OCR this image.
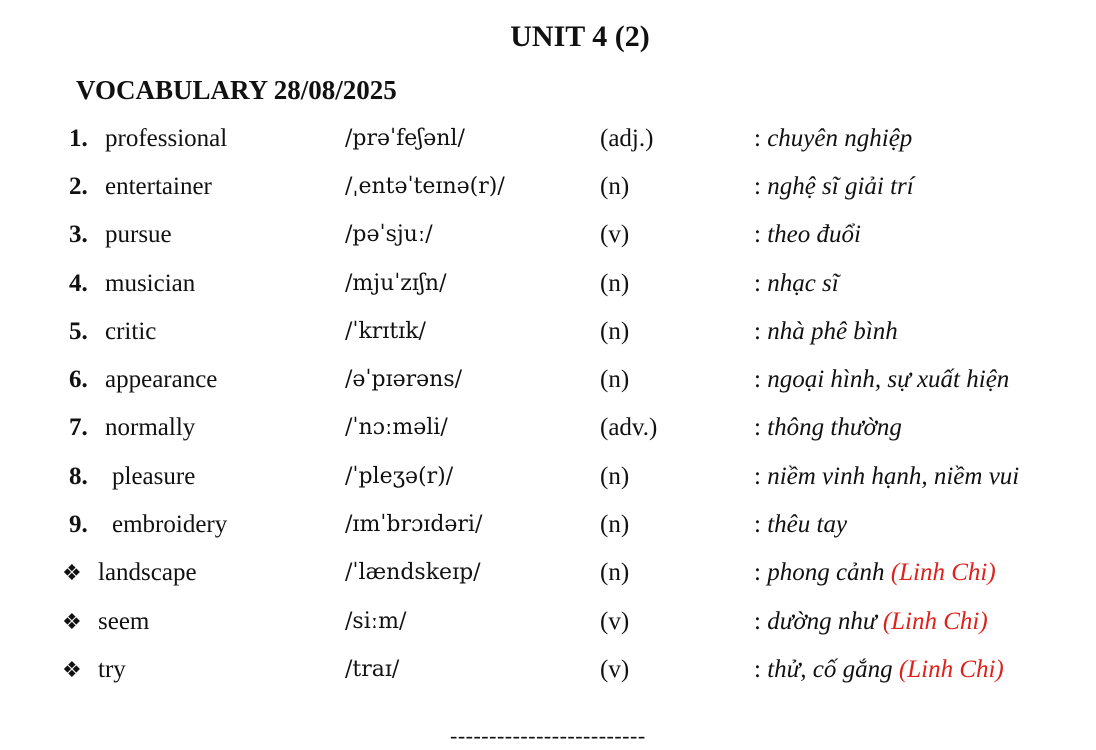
UNIT 4 (2)
VOCABULARY 28/08/2025
1. professional	/prəˈfeʃənl/	(adj.)	: chuyên nghiệp
2. entertainer	/ˌentəˈteɪnə(r)/	(n)	: nghệ sĩ giải trí
3. pursue	/pəˈsjuː/	(v)	: theo đuổi
4. musician	/mjuˈzɪʃn/	(n)	: nhạc sĩ
5. critic	/ˈkrɪtɪk/	(n)	: nhà phê bình
6. appearance	/əˈpɪərəns/	(n)	: ngoại hình, sự xuất hiện
7. normally	/ˈnɔːməli/	(adv.)	: thông thường
8. pleasure	/ˈpleʒə(r)/	(n)	: niềm vinh hạnh, niềm vui
9. embroidery	/ɪmˈbrɔɪdəri/	(n)	: thêu tay
❖ landscape	/ˈlændskeɪp/	(n)	: phong cảnh (Linh Chi)
❖ seem	/siːm/	(v)	: dường như (Linh Chi)
❖ try	/traɪ/	(v)	: thử, cố gắng (Linh Chi)
-------------------------
